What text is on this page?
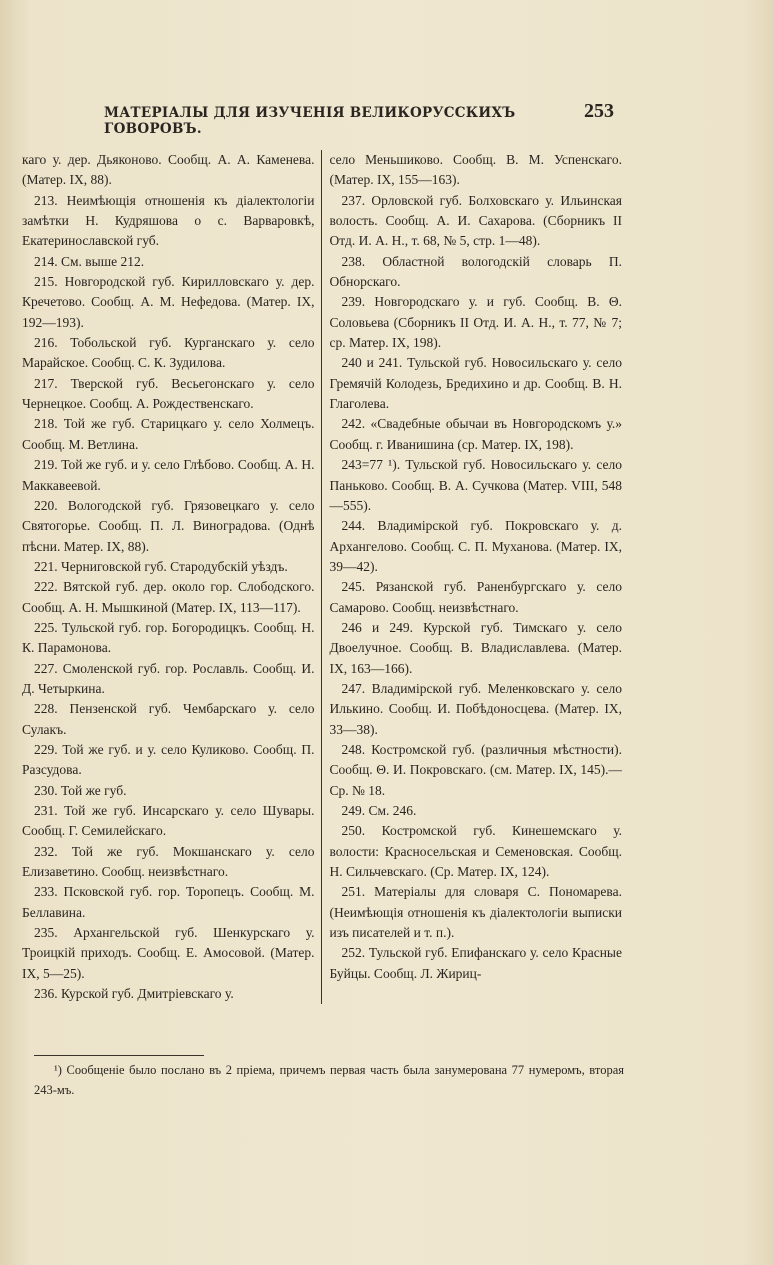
МАТЕРІАЛЫ ДЛЯ ИЗУЧЕНІЯ ВЕЛИКОРУССКИХЪ ГОВОРОВЪ.
253

каго у. дер. Дьяконово. Сообщ. А. А. Каменева. (Матер. IX, 88).

213. Неимѣющія отношенія къ діалектологіи замѣтки Н. Кудряшова о с. Варваровкѣ, Екатеринославской губ.

214. См. выше 212.

215. Новгородской губ. Кирилловскаго у. дер. Кречетово. Сообщ. А. М. Нефедова. (Матер. IX, 192—193).

216. Тобольской губ. Курганскаго у. село Марайское. Сообщ. С. К. Зудилова.

217. Тверской губ. Весьегонскаго у. село Чернецкое. Сообщ. А. Рождественскаго.

218. Той же губ. Старицкаго у. село Холмецъ. Сообщ. М. Ветлина.

219. Той же губ. и у. село Глѣбово. Сообщ. А. Н. Маккавеевой.

220. Вологодской губ. Грязовецкаго у. село Святогорье. Сообщ. П. Л. Виноградова. (Однѣ пѣсни. Матер. IX, 88).

221. Черниговской губ. Стародубскій уѣздъ.

222. Вятской губ. дер. около гор. Слободского. Сообщ. А. Н. Мышкиной (Матер. IX, 113—117).

225. Тульской губ. гор. Богородицкъ. Сообщ. Н. К. Парамонова.

227. Смоленской губ. гор. Рославль. Сообщ. И. Д. Четыркина.

228. Пензенской губ. Чембарскаго у. село Сулакъ.

229. Той же губ. и у. село Куликово. Сообщ. П. Разсудова.

230. Той же губ.

231. Той же губ. Инсарскаго у. село Шувары. Сообщ. Г. Семилейскаго.

232. Той же губ. Мокшанскаго у. село Елизаветино. Сообщ. неизвѣстнаго.

233. Псковской губ. гор. Торопецъ. Сообщ. М. Беллавина.

235. Архангельской губ. Шенкурскаго у. Троицкій приходъ. Сообщ. Е. Амосовой. (Матер. IX, 5—25).

236. Курской губ. Дмитріевскаго у.

село Меньшиково. Сообщ. В. М. Успенскаго. (Матер. IX, 155—163).

237. Орловской губ. Болховскаго у. Ильинская волость. Сообщ. А. И. Сахарова. (Сборникъ II Отд. И. А. Н., т. 68, № 5, стр. 1—48).

238. Областной вологодскій словарь П. Обнорскаго.

239. Новгородскаго у. и губ. Сообщ. В. Θ. Соловьева (Сборникъ II Отд. И. А. Н., т. 77, № 7; ср. Матер. IX, 198).

240 и 241. Тульской губ. Новосильскаго у. село Гремячій Колодезь, Бредихино и др. Сообщ. В. Н. Глаголева.

242. «Свадебные обычаи въ Новгородскомъ у.» Сообщ. г. Иванишина (ср. Матер. IX, 198).

243=77 ¹). Тульской губ. Новосильскаго у. село Паньково. Сообщ. В. А. Сучкова (Матер. VIII, 548—555).

244. Владимірской губ. Покровскаго у. д. Архангелово. Сообщ. С. П. Муханова. (Матер. IX, 39—42).

245. Рязанской губ. Раненбургскаго у. село Самарово. Сообщ. неизвѣстнаго.

246 и 249. Курской губ. Тимскаго у. село Двоелучное. Сообщ. В. Владиславлева. (Матер. IX, 163—166).

247. Владимірской губ. Меленковскаго у. село Илькино. Сообщ. И. Побѣдоносцева. (Матер. IX, 33—38).

248. Костромской губ. (различныя мѣстности). Сообщ. Θ. И. Покровскаго. (см. Матер. IX, 145).—Ср. № 18.

249. См. 246.

250. Костромской губ. Кинешемскаго у. волости: Красносельская и Семеновская. Сообщ. Н. Сильчевскаго. (Ср. Матер. IX, 124).

251. Матеріалы для словаря С. Пономарева. (Неимѣющія отношенія къ діалектологіи выписки изъ писателей и т. п.).

252. Тульской губ. Епифанскаго у. село Красные Буйцы. Сообщ. Л. Жириц-

¹) Сообщеніе было послано въ 2 пріема, причемъ первая часть была занумерована 77 нумеромъ, вторая 243-мъ.
